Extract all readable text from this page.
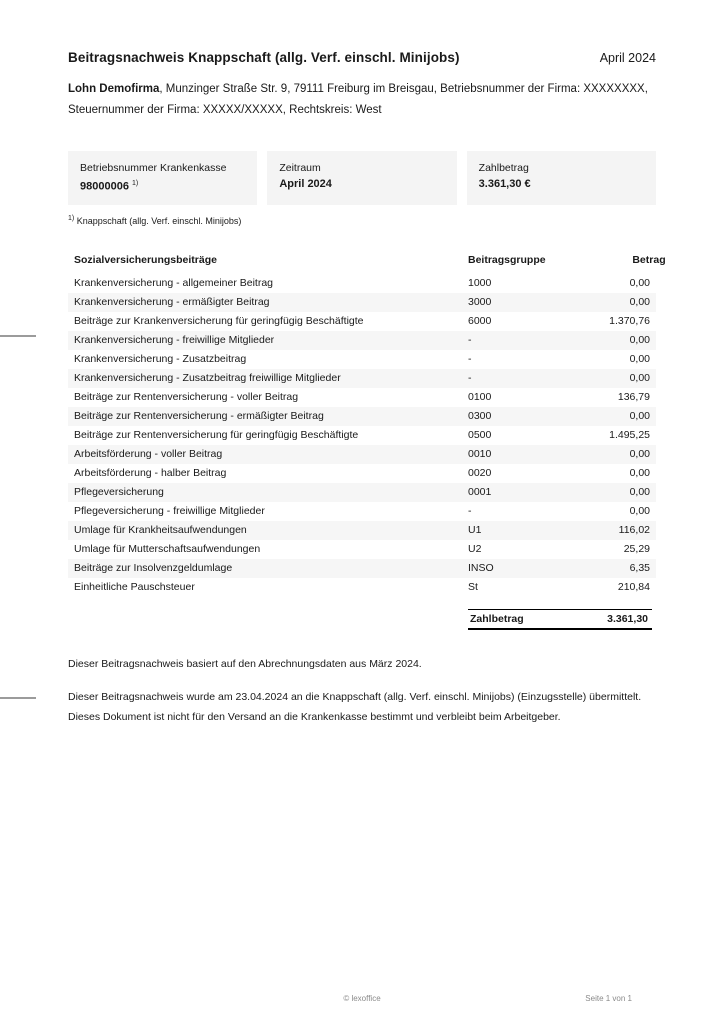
Beitragsnachweis Knappschaft (allg. Verf. einschl. Minijobs)	April 2024
Lohn Demofirma, Munzinger Straße Str. 9, 79111 Freiburg im Breisgau, Betriebsnummer der Firma: XXXXXXXX, Steuernummer der Firma: XXXXX/XXXXX, Rechtskreis: West
Betriebsnummer Krankenkasse
98000006 $^{1)}$
Zeitraum
April 2024
Zahlbetrag
3.361,30 €
$^{1)}$ Knappschaft (allg. Verf. einschl. Minijobs)
Sozialversicherungsbeiträge	Beitragsgruppe	Betrag
Krankenversicherung - allgemeiner Beitrag	1000	0,00
Krankenversicherung - ermäßigter Beitrag	3000	0,00
Beiträge zur Krankenversicherung für geringfügig Beschäftigte	6000	1.370,76
Krankenversicherung - freiwillige Mitglieder	-	0,00
Krankenversicherung - Zusatzbeitrag	-	0,00
Krankenversicherung - Zusatzbeitrag freiwillige Mitglieder	-	0,00
Beiträge zur Rentenversicherung - voller Beitrag	0100	136,79
Beiträge zur Rentenversicherung - ermäßigter Beitrag	0300	0,00
Beiträge zur Rentenversicherung für geringfügig Beschäftigte	0500	1.495,25
Arbeitsförderung - voller Beitrag	0010	0,00
Arbeitsförderung - halber Beitrag	0020	0,00
Pflegeversicherung	0001	0,00
Pflegeversicherung - freiwillige Mitglieder	-	0,00
Umlage für Krankheitsaufwendungen	U1	116,02
Umlage für Mutterschaftsaufwendungen	U2	25,29
Beiträge zur Insolvenzgeldumlage	INSO	6,35
Einheitliche Pauschsteuer	St	210,84
Zahlbetrag	3.361,30
Dieser Beitragsnachweis basiert auf den Abrechnungsdaten aus März 2024.
Dieser Beitragsnachweis wurde am 23.04.2024 an die Knappschaft (allg. Verf. einschl. Minijobs) (Einzugsstelle) übermittelt.
Dieses Dokument ist nicht für den Versand an die Krankenkasse bestimmt und verbleibt beim Arbeitgeber.
© lexoffice	Seite 1 von 1
